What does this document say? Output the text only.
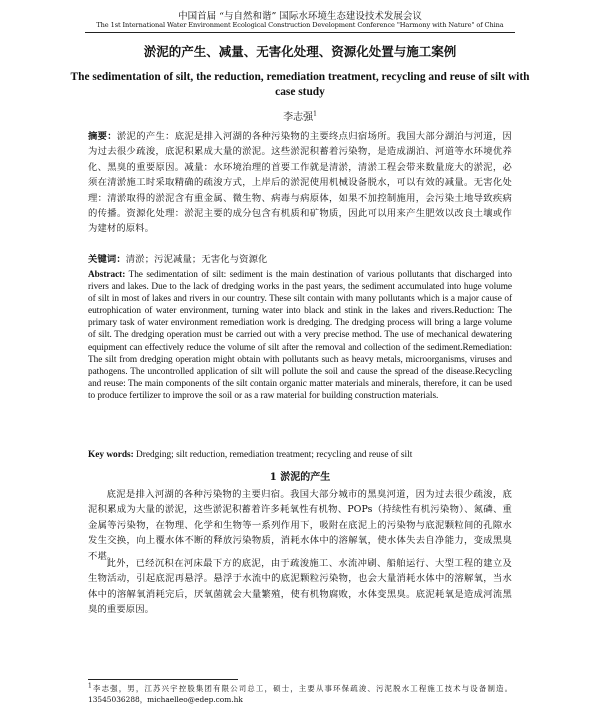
中国首届 “与自然和谐” 国际水环境生态建设技术发展会议
The 1st International Water Environment Ecological Construction Development Conference "Harmony with Nature" of China
淤泥的产生、减量、无害化处理、资源化处置与施工案例
The sedimentation of silt, the reduction, remediation treatment, recycling and reuse of silt with case study
李志强$^1$
摘要：淤泥的产生：底泥是排入河湖的各种污染物的主要终点归宿场所。我国大部分湖泊与河道，因为过去很少疏浚，底泥积累成大量的淤泥。这些淤泥积蓄着污染物，是造成湖泊、河道等水环境优养化、黑臭的重要原因。减量：水环境治理的首要工作就是清淤，清淤工程会带来数量庞大的淤泥，必须在清淤施工时采取精确的疏浚方式，上岸后的淤泥使用机械设备脱水，可以有效的减量。无害化处理：清淤取得的淤泥含有重金属、微生物、病毒与病原体，如果不加控制施用，会污染土地导致疾病的传播。资源化处理：淤泥主要的成分包含有机质和矿物质，因此可以用来产生肥效以改良土壤或作为建材的原料。
关键词：清淤；污泥减量；无害化与资源化
Abstract: The sedimentation of silt: sediment is the main destination of various pollutants that discharged into rivers and lakes. Due to the lack of dredging works in the past years, the sediment accumulated into huge volume of silt in most of lakes and rivers in our country. These silt contain with many pollutants which is a major cause of eutrophication of water environment, turning water into black and stink in the lakes and rivers.Reduction: The primary task of water environment remediation work is dredging. The dredging process will bring a large volume of silt. The dredging operation must be carried out with a very precise method. The use of mechanical dewatering equipment can effectively reduce the volume of silt after the removal and collection of the sediment.Remediation: The silt from dredging operation might obtain with pollutants such as heavy metals, microorganisms, viruses and pathogens. The uncontrolled application of silt will pollute the soil and cause the spread of the disease.Recycling and reuse: The main components of the silt contain organic matter materials and minerals, therefore, it can be used to produce fertilizer to improve the soil or as a raw material for building construction materials.
Key words: Dredging; silt reduction, remediation treatment; recycling and reuse of silt
1 淤泥的产生
底泥是排入河湖的各种污染物的主要归宿。我国大部分城市的黑臭河道，因为过去很少疏浚，底泥积累成为大量的淤泥，这些淤泥积蓄着许多耗氧性有机物、POPs（持续性有机污染物）、氮磷、重金属等污染物，在物理、化学和生物等一系列作用下，吸附在底泥上的污染物与底泥颗粒间的孔隙水发生交换，向上覆水体不断的释放污染物质，消耗水体中的溶解氧，使水体失去自净能力，变成黑臭不堪。
此外，已经沉积在河床最下方的底泥，由于疏浚施工、水流冲刷、船舶运行、大型工程的建立及生物活动，引起底泥再悬浮。悬浮于水流中的底泥颗粒污染物，也会大量消耗水体中的溶解氧，当水体中的溶解氧消耗完后，厌氧菌就会大量繁殖，使有机物腐败，水体变黑臭。底泥耗氧是造成河流黑臭的重要原因。
$^1$李志强，男，江苏兴宇控股集团有限公司总工，硕士，主要从事环保疏浚、污泥脱水工程施工技术与设备制造。13545036288，michaelleo@edep.com.hk
